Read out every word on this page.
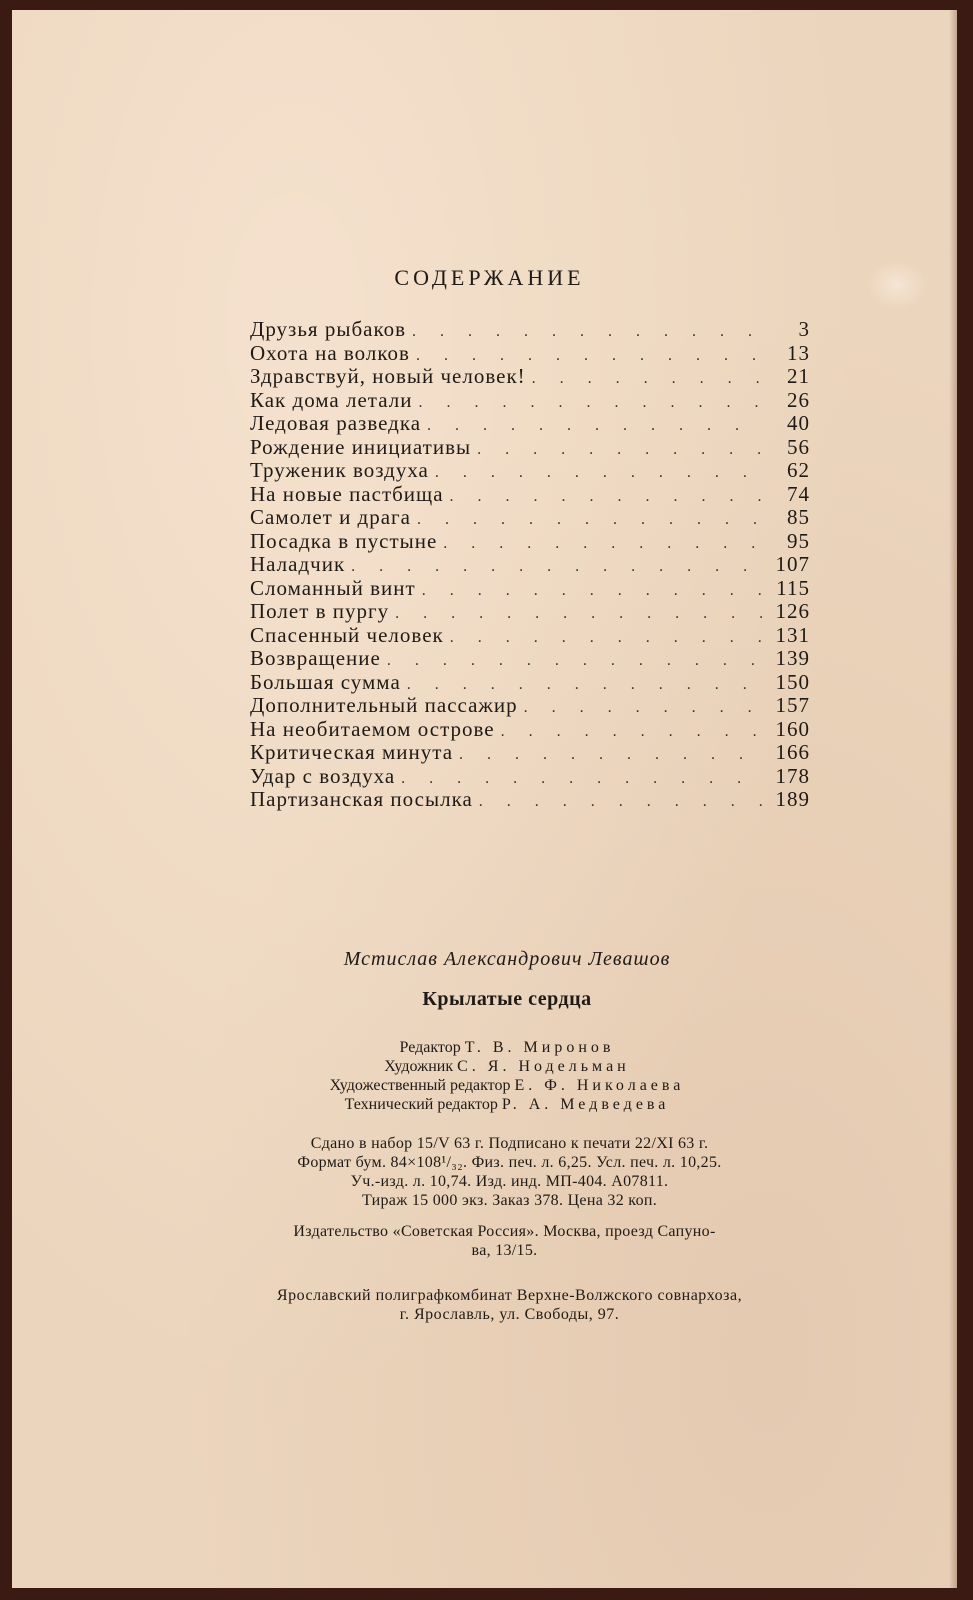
СОДЕРЖАНИЕ
Друзья рыбаков . . .	3
Охота на волков . . .	13
Здравствуй, новый человек! . . .	21
Как дома летали . . .	26
Ледовая разведка . . .	40
Рождение инициативы . . .	56
Труженик воздуха . . .	62
На новые пастбища . . .	74
Самолет и драга . . .	85
Посадка в пустыне . . .	95
Наладчик . . .	107
Сломанный винт . . .	115
Полет в пургу . . .	126
Спасенный человек . . .	131
Возвращение . . .	139
Большая сумма . . .	150
Дополнительный пассажир . . .	157
На необитаемом острове . . .	160
Критическая минута . . .	166
Удар с воздуха . . .	178
Партизанская посылка . . .	189
Мстислав Александрович Левашов
Крылатые сердца
Редактор Т. В. Миронов
Художник С. Я. Нодельман
Художественный редактор Е. Ф. Николаева
Технический редактор Р. А. Медведева
Сдано в набор 15/V 63 г. Подписано к печати 22/XI 63 г.
Формат бум. 84×108¹/₃₂. Физ. печ. л. 6,25. Усл. печ. л. 10,25.
Уч.-изд. л. 10,74. Изд. инд. МП-404. А07811.
Тираж 15 000 экз. Заказ 378. Цена 32 коп.
Издательство «Советская Россия». Москва, проезд Сапуно-
ва, 13/15.
Ярославский полиграфкомбинат Верхне-Волжского совнархоза,
г. Ярославль, ул. Свободы, 97.
